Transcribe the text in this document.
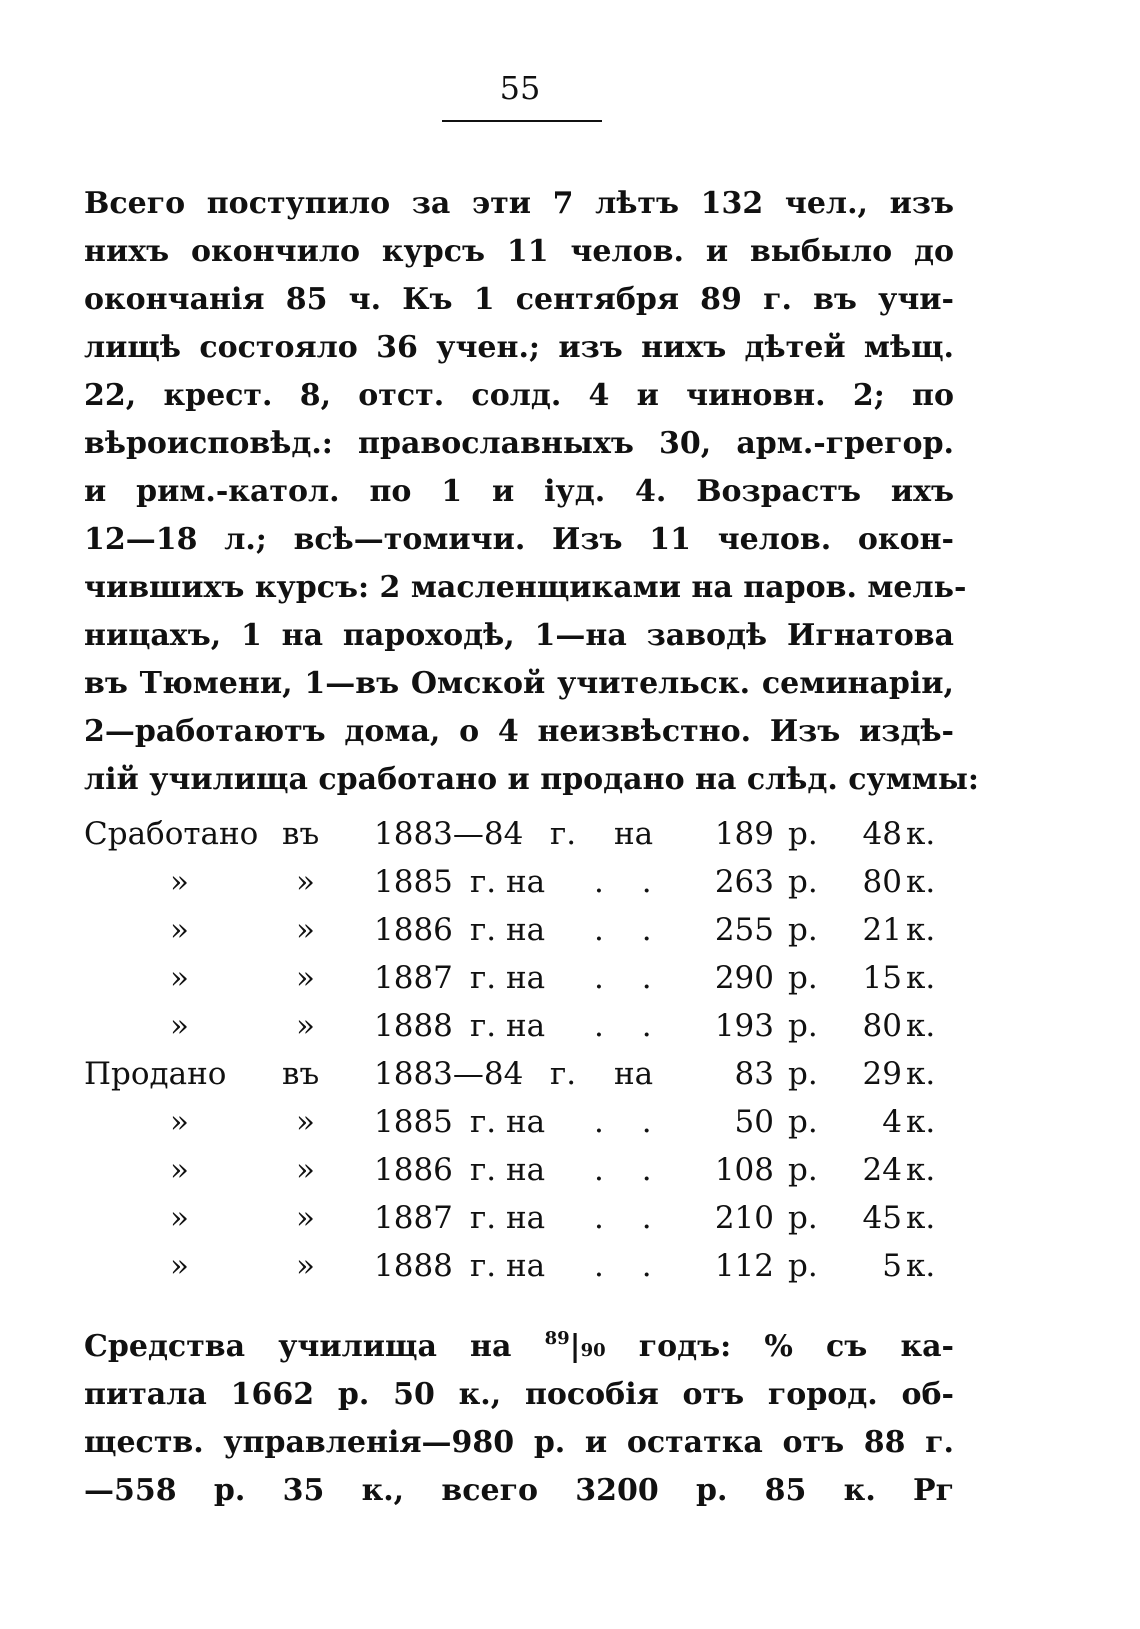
55
Всего поступило за эти 7 лѣтъ 132 чел., изъ
нихъ окончило курсъ 11 челов. и выбыло до
окончанія 85 ч. Къ 1 сентября 89 г. въ учи-
лищѣ состояло 36 учен.; изъ нихъ дѣтей мѣщ.
22, крест. 8, отст. солд. 4 и чиновн. 2; по
вѣроисповѣд.: православныхъ 30, арм.-грегор.
и рим.-катол. по 1 и іуд. 4. Возрастъ ихъ
12—18 л.; всѣ—томичи. Изъ 11 челов. окон-
чившихъ курсъ: 2 масленщиками на паров. мель-
ницахъ, 1 на пароходѣ, 1—на заводѣ Игнатова
въ Тюмени, 1—въ Омской учительск. семинаріи,
2—работаютъ дома, о 4 неизвѣстно. Изъ издѣ-
лій училища сработано и продано на слѣд. суммы:
Сработано въ 1883—84 г. на	189 р.	48 к.
»	» 1885 г. на . .	263 р.	80 к.
»	» 1886 г. на . .	255 р.	21 к.
»	» 1887 г. на . .	290 р.	15 к.
»	» 1888 г. на . .	193 р.	80 к.
Продано въ 1883—84 г. на	83 р.	29 к.
»	» 1885 г. на . .	50 р.	4 к.
»	» 1886 г. на . .	108 р.	24 к.
»	» 1887 г. на . .	210 р.	45 к.
»	» 1888 г. на . .	112 р.	5 к.
Средства училища на $^{89}$|90 годъ: % съ ка-
питала 1662 р. 50 к., пособія отъ город. об-
ществ. управленія—980 р. и остатка отъ 88 г.
—558 р. 35 к., всего 3200 р. 85 к. Рг
